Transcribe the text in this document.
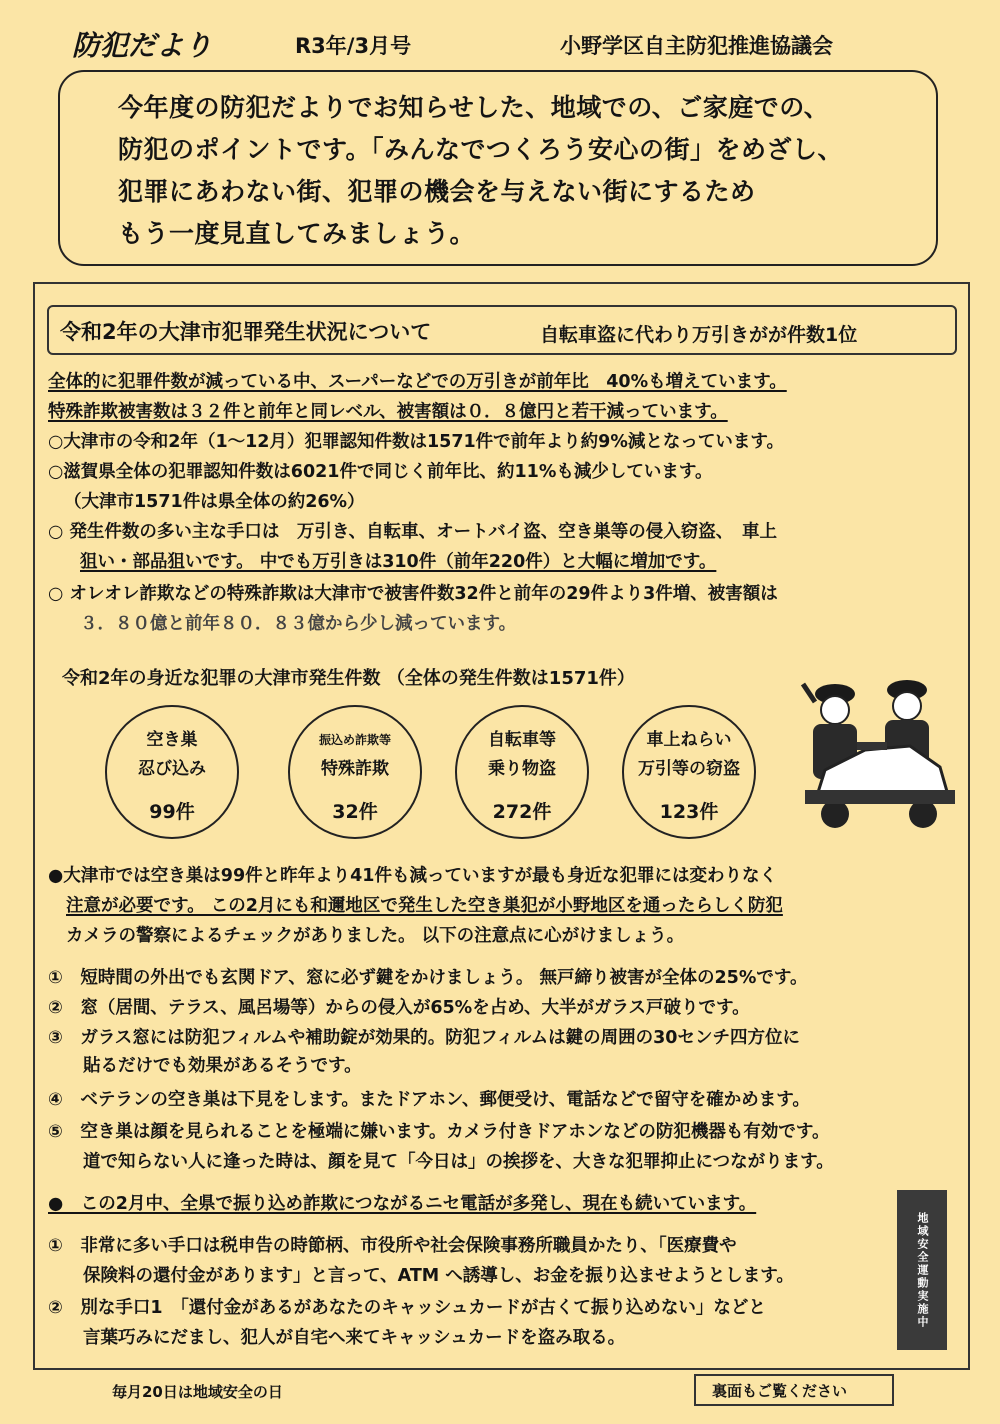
防犯だより	R3年/3月号	小野学区自主防犯推進協議会
今年度の防犯だよりでお知らせした、地域での、ご家庭での、
防犯のポイントです。「みんなでつくろう安心の街」をめざし、
犯罪にあわない街、犯罪の機会を与えない街にするため
もう一度見直してみましょう。
令和2年の大津市犯罪発生状況について	自転車盗に代わり万引きがが件数1位
全体的に犯罪件数が減っている中、スーパーなどでの万引きが前年比　40%も増えています。
特殊詐欺被害数は３２件と前年と同レベル、被害額は０．８億円と若干減っています。
○大津市の令和2年（1～12月）犯罪認知件数は1571件で前年より約9%減となっています。
○滋賀県全体の犯罪認知件数は6021件で同じく前年比、約11%も減少しています。
（大津市1571件は県全体の約26%）
○ 発生件数の多い主な手口は　万引き、自転車、オートバイ盗、空き巣等の侵入窃盗、　車上
狙い・部品狙いです。 中でも万引きは310件（前年220件）と大幅に増加です。
○ オレオレ詐欺などの特殊詐欺は大津市で被害件数32件と前年の29件より3件増、被害額は
３．８０億と前年８０．８３億から少し減っています。
令和2年の身近な犯罪の大津市発生件数 （全体の発生件数は1571件）
空き巣
忍び込み
99件
振込め詐欺等
特殊詐欺
32件
自転車等
乗り物盗
272件
車上ねらい
万引等の窃盗
123件
●大津市では空き巣は99件と昨年より41件も減っていますが最も身近な犯罪には変わりなく
注意が必要です。 この2月にも和邇地区で発生した空き巣犯が小野地区を通ったらしく防犯
カメラの警察によるチェックがありました。 以下の注意点に心がけましょう。
①　短時間の外出でも玄関ドア、窓に必ず鍵をかけましょう。 無戸締り被害が全体の25%です。
②　窓（居間、テラス、風呂場等）からの侵入が65%を占め、大半がガラス戸破りです。
③　ガラス窓には防犯フィルムや補助錠が効果的。防犯フィルムは鍵の周囲の30センチ四方位に
　　貼るだけでも効果があるそうです。
④　ベテランの空き巣は下見をします。またドアホン、郵便受け、電話などで留守を確かめます。
⑤　空き巣は顔を見られることを極端に嫌います。カメラ付きドアホンなどの防犯機器も有効です。
　　道で知らない人に逢った時は、顔を見て「今日は」の挨拶を、大きな犯罪抑止につながります。
●　この2月中、全県で振り込め詐欺につながるニセ電話が多発し、現在も続いています。
①　非常に多い手口は税申告の時節柄、市役所や社会保険事務所職員かたり、「医療費や
　　保険料の還付金があります」と言って、ATM へ誘導し、お金を振り込ませようとします。
②　別な手口1　「還付金があるがあなたのキャッシュカードが古くて振り込めない」などと
　　言葉巧みにだまし、犯人が自宅へ来てキャッシュカードを盗み取る。
地域安全運動実施中
毎月20日は地域安全の日	裏面もご覧ください
